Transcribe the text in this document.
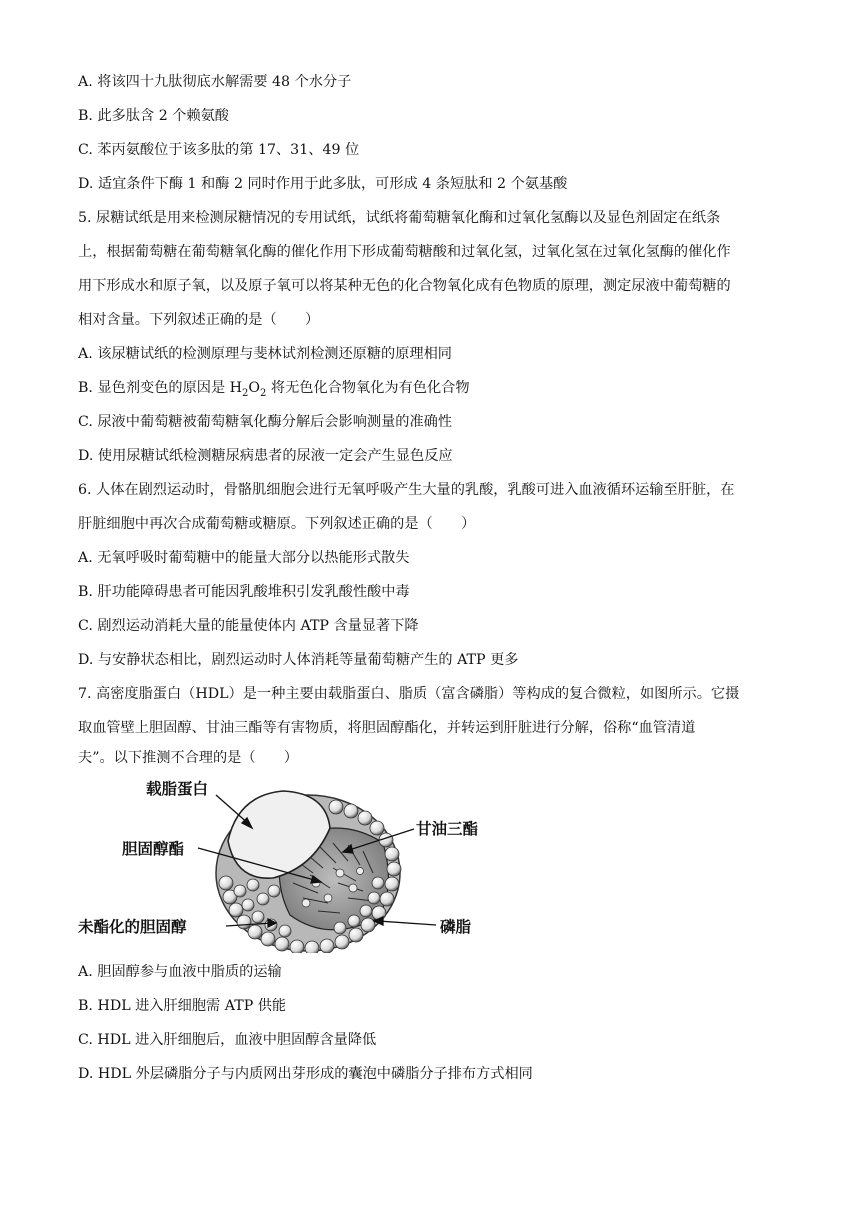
A. 将该四十九肽彻底水解需要 48 个水分子
B. 此多肽含 2 个赖氨酸
C. 苯丙氨酸位于该多肽的第 17、31、49 位
D. 适宜条件下酶 1 和酶 2 同时作用于此多肽，可形成 4 条短肽和 2 个氨基酸
5. 尿糖试纸是用来检测尿糖情况的专用试纸，试纸将葡萄糖氧化酶和过氧化氢酶以及显色剂固定在纸条
上，根据葡萄糖在葡萄糖氧化酶的催化作用下形成葡萄糖酸和过氧化氢，过氧化氢在过氧化氢酶的催化作
用下形成水和原子氧，以及原子氧可以将某种无色的化合物氧化成有色物质的原理，测定尿液中葡萄糖的
相对含量。下列叙述正确的是（　　）
A. 该尿糖试纸的检测原理与斐林试剂检测还原糖的原理相同
B. 显色剂变色的原因是 $H_2O_2$ 将无色化合物氧化为有色化合物
C. 尿液中葡萄糖被葡萄糖氧化酶分解后会影响测量的准确性
D. 使用尿糖试纸检测糖尿病患者的尿液一定会产生显色反应
6. 人体在剧烈运动时，骨骼肌细胞会进行无氧呼吸产生大量的乳酸，乳酸可进入血液循环运输至肝脏，在
肝脏细胞中再次合成葡萄糖或糖原。下列叙述正确的是（　　）
A. 无氧呼吸时葡萄糖中的能量大部分以热能形式散失
B. 肝功能障碍患者可能因乳酸堆积引发乳酸性酸中毒
C. 剧烈运动消耗大量的能量使体内 ATP 含量显著下降
D. 与安静状态相比，剧烈运动时人体消耗等量葡萄糖产生的 ATP 更多
7. 高密度脂蛋白（HDL）是一种主要由载脂蛋白、脂质（富含磷脂）等构成的复合微粒，如图所示。它摄
取血管壁上胆固醇、甘油三酯等有害物质，将胆固醇酯化，并转运到肝脏进行分解，俗称“血管清道
夫”。以下推测不合理的是（　　）
载脂蛋白
甘油三酯
胆固醇酯
未酯化的胆固醇	磷脂
A. 胆固醇参与血液中脂质的运输
B. HDL 进入肝细胞需 ATP 供能
C. HDL 进入肝细胞后，血液中胆固醇含量降低
D. HDL 外层磷脂分子与内质网出芽形成的囊泡中磷脂分子排布方式相同
